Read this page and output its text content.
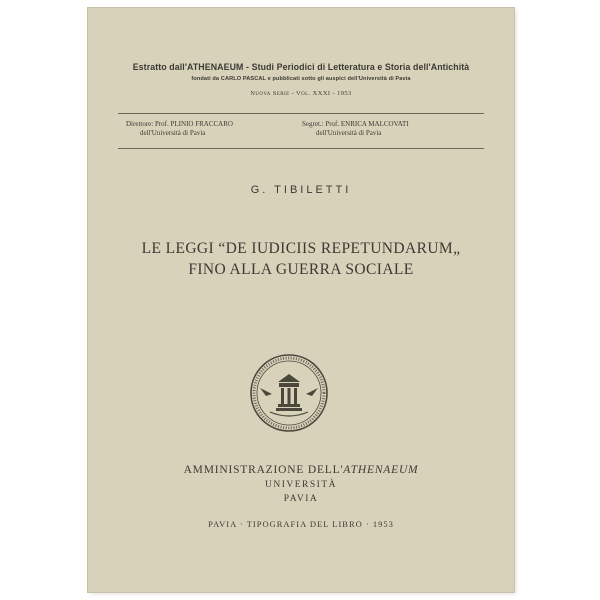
Estratto dall'ATHENAEUM - Studi Periodici di Letteratura e Storia dell'Antichità
fondati da CARLO PASCAL e pubblicati sotto gli auspici dell'Università di Pavia
Nuova Serie - Vol. XXXI - 1953
Direttore: Prof. PLINIO FRACCARO
dell'Università di Pavia
Segret.: Prof. ENRICA MALCOVATI
dell'Università di Pavia
G. TIBILETTI
LE LEGGI “DE IUDICIIS REPETUNDARUM„
FINO ALLA GUERRA SOCIALE
AMMINISTRAZIONE DELL'ATHENAEUM
UNIVERSITÀ
PAVIA
PAVIA · TIPOGRAFIA DEL LIBRO · 1953
